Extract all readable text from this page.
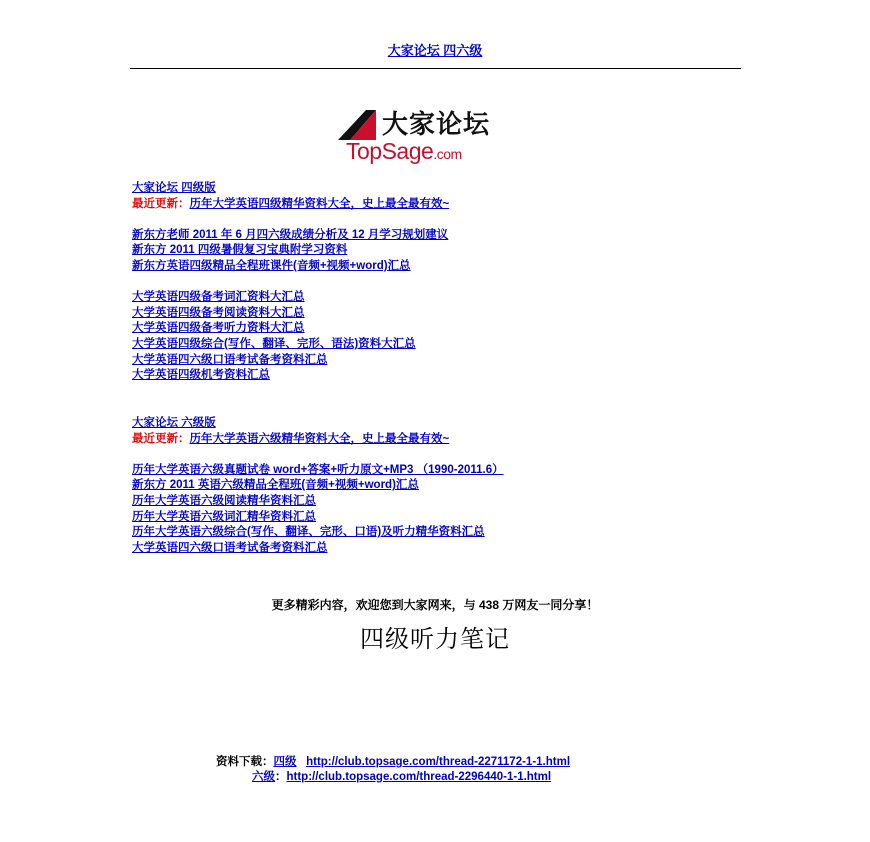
大家论坛 四六级
大家论坛
TopSage.com
大家论坛 四级版
最近更新：历年大学英语四级精华资料大全，史上最全最有效~
新东方老师 2011 年 6 月四六级成绩分析及 12 月学习规划建议
新东方 2011 四级暑假复习宝典附学习资料
新东方英语四级精品全程班课件(音频+视频+word)汇总
大学英语四级备考词汇资料大汇总
大学英语四级备考阅读资料大汇总
大学英语四级备考听力资料大汇总
大学英语四级综合(写作、翻译、完形、语法)资料大汇总
大学英语四六级口语考试备考资料汇总
大学英语四级机考资料汇总
大家论坛 六级版
最近更新：历年大学英语六级精华资料大全，史上最全最有效~
历年大学英语六级真题试卷 word+答案+听力原文+MP3 （1990-2011.6）
新东方 2011 英语六级精品全程班(音频+视频+word)汇总
历年大学英语六级阅读精华资料汇总
历年大学英语六级词汇精华资料汇总
历年大学英语六级综合(写作、翻译、完形、口语)及听力精华资料汇总
大学英语四六级口语考试备考资料汇总
更多精彩内容，欢迎您到大家网来，与 438 万网友一同分享！
四级听力笔记
资料下载：四级 http://club.topsage.com/thread-2271172-1-1.html
六级：http://club.topsage.com/thread-2296440-1-1.html
